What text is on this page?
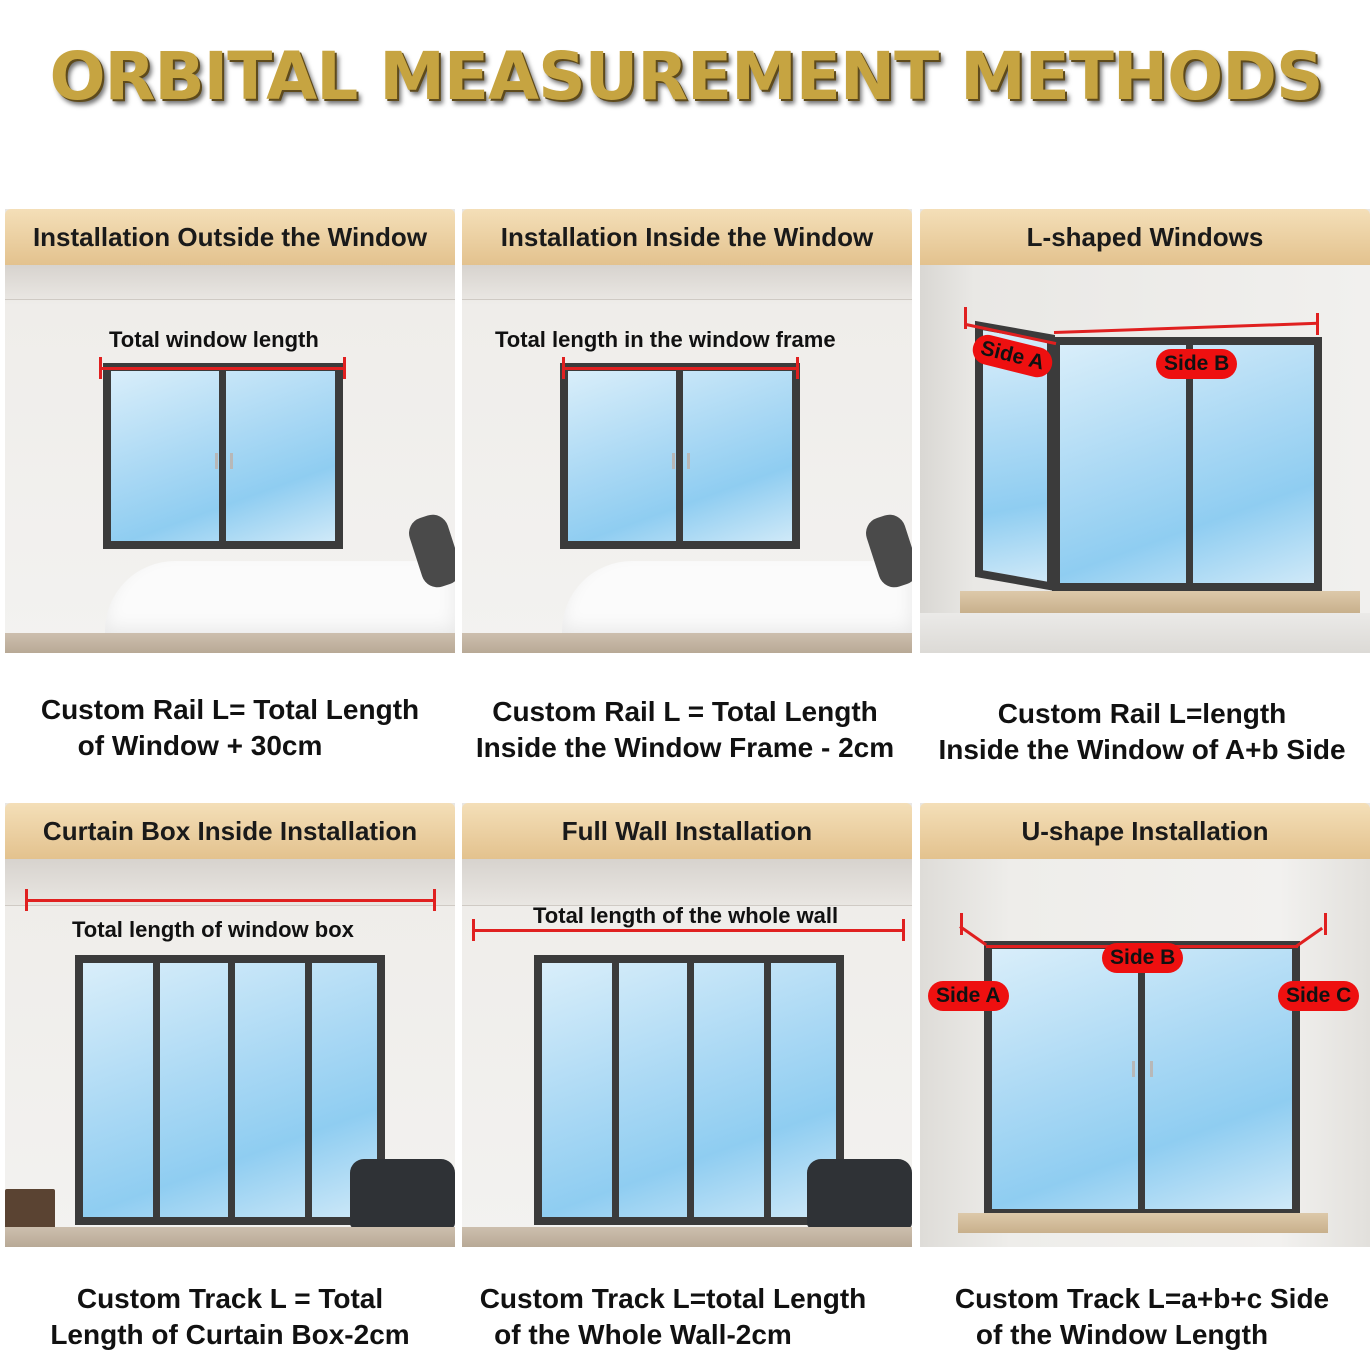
ORBITAL MEASUREMENT METHODS
Installation Outside the Window
Total window length
Installation Inside the Window
Total length in the window frame
L-shaped Windows
Side A	Side B
Curtain Box Inside Installation
Total length of window box
Full Wall Installation
Total length of the whole wall
U-shape Installation
Side A
Side B
Side C
Custom Rail L= Total Length
of Window + 30cm
Custom Rail L = Total Length
Inside the Window Frame - 2cm
Custom Rail L=length
Inside the Window of A+b Side
Custom Track L = Total
Length of Curtain Box-2cm
Custom Track L=total Length
of the Whole Wall-2cm
Custom Track L=a+b+c Side
of the Window Length
